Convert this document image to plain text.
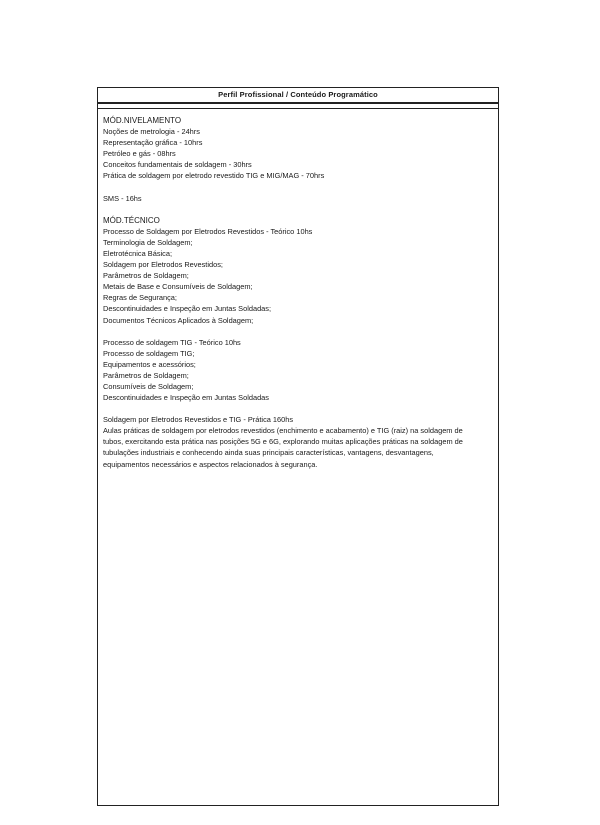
Perfil Profissional / Conteúdo Programático
MÓD.NIVELAMENTO
Noções de metrologia - 24hrs
Representação gráfica - 10hrs
Petróleo e gás - 08hrs
Conceitos fundamentais de soldagem - 30hrs
Prática de soldagem por eletrodo revestido TIG e MIG/MAG - 70hrs
SMS - 16hs
MÓD.TÉCNICO
Processo de Soldagem por Eletrodos Revestidos - Teórico 10hs
Terminologia de Soldagem;
Eletrotécnica Básica;
Soldagem por Eletrodos Revestidos;
Parâmetros de Soldagem;
Metais de Base e Consumíveis de Soldagem;
Regras de Segurança;
Descontinuidades e Inspeção em Juntas Soldadas;
Documentos Técnicos Aplicados à Soldagem;
Processo de soldagem TIG - Teórico 10hs
Processo de soldagem TIG;
Equipamentos e acessórios;
Parâmetros de Soldagem;
Consumíveis de Soldagem;
Descontinuidades e Inspeção em Juntas Soldadas
Soldagem por Eletrodos Revestidos e TIG - Prática 160hs
Aulas práticas de soldagem por eletrodos revestidos (enchimento e acabamento) e TIG (raiz) na soldagem de tubos, exercitando esta prática nas posições 5G e 6G, explorando muitas aplicações práticas na soldagem de tubulações industriais e conhecendo ainda suas principais características, vantagens, desvantagens, equipamentos necessários e aspectos relacionados à segurança.
